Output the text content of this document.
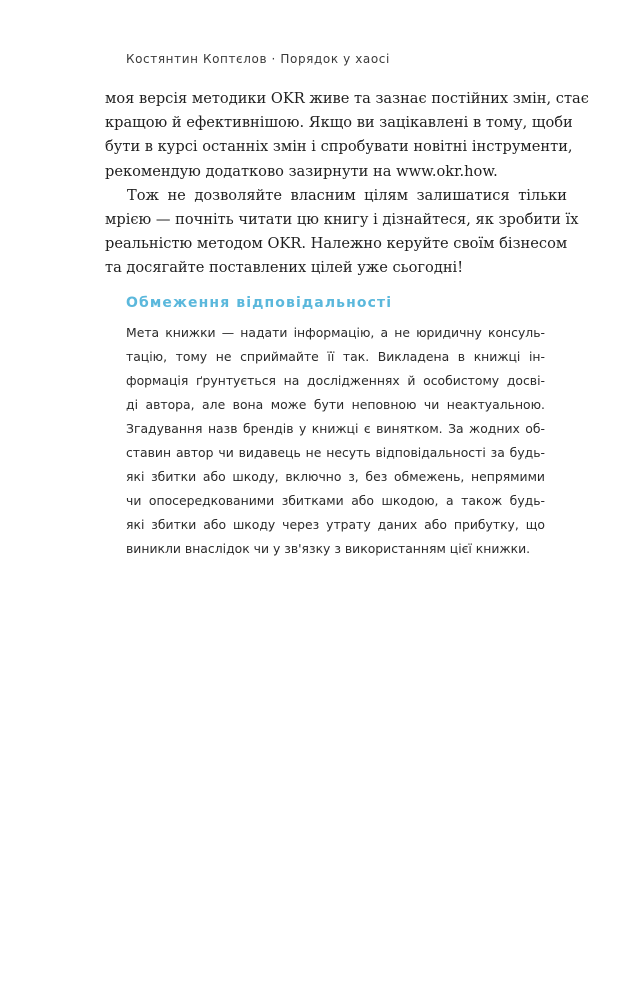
Костянтин Коптєлов · Порядок у хаосі
моя версія методики OKR живе та зазнає постійних змін, стає
кращою й ефективнішою. Якщо ви зацікавлені в тому, щоби
бути в курсі останніх змін і спробувати новітні інструменти,
рекомендую додатково зазирнути на www.okr.how.
Тож не дозволяйте власним цілям залишатися тільки
мрією — почніть читати цю книгу і дізнайтеся, як зробити їх
реальністю методом OKR. Належно керуйте своїм бізнесом
та досягайте поставлених цілей уже сьогодні!
Обмеження відповідальності
Мета книжки — надати інформацію, а не юридичну консуль-
тацію, тому не сприймайте її так. Викладена в книжці ін-
формація ґрунтується на дослідженнях й особистому досві-
ді автора, але вона може бути неповною чи неактуальною.
Згадування назв брендів у книжці є винятком. За жодних об-
ставин автор чи видавець не несуть відповідальності за будь-
які збитки або шкоду, включно з, без обмежень, непрямими
чи опосередкованими збитками або шкодою, а також будь-
які збитки або шкоду через утрату даних або прибутку, що
виникли внаслідок чи у зв'язку з використанням цієї книжки.
